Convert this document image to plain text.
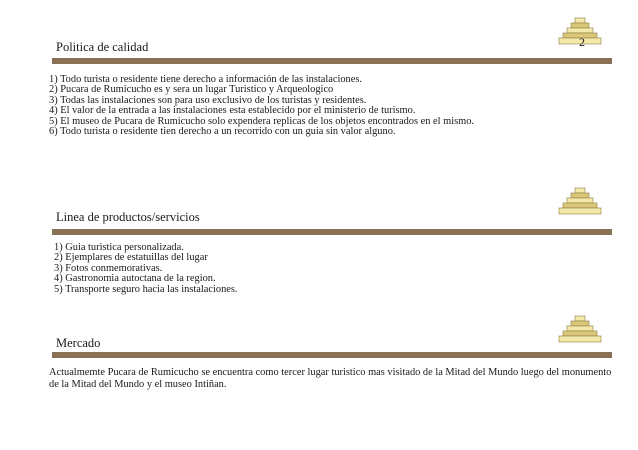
2
Politica de calidad
1) Todo turista o residente tiene derecho a información de las instalaciones.
2) Pucara de Rumicucho es y sera un lugar Turistico y Arqueologico
3) Todas las instalaciones son para uso exclusivo de los turistas y residentes.
4) El valor de la entrada a las instalaciones esta establecido por el ministerio de turismo.
5) El museo de Pucara de Rumicucho solo expendera replicas de los objetos encontrados en el mismo.
6) Todo turista o residente tien derecho a un recorrido con un guia sin valor alguno.
Linea de productos/servicios
1) Guia turistica personalizada.
2) Ejemplares de estatuillas del lugar
3) Fotos conmemorativas.
4) Gastronomia autoctana de la region.
5) Transporte seguro hacia las instalaciones.
Mercado

Actualmemte Pucara de Rumicucho se encuentra como tercer lugar turistico mas visitado de la Mitad del Mundo luego del monumento de la Mitad del Mundo y el museo Intiñan.
